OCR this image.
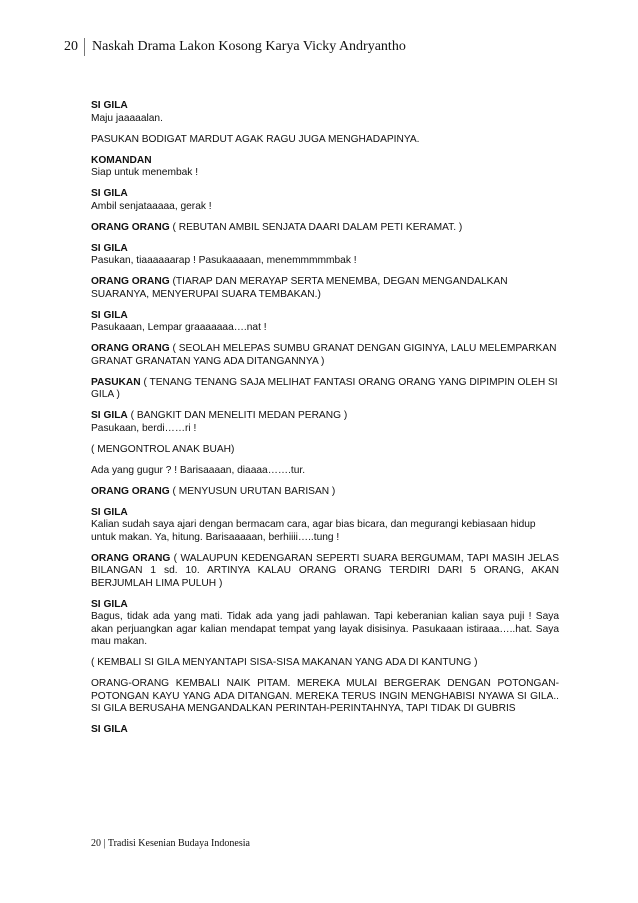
20	Naskah Drama Lakon Kosong Karya Vicky Andryantho
SI GILA
Maju jaaaaalan.
PASUKAN BODIGAT MARDUT AGAK RAGU JUGA MENGHADAPINYA.
KOMANDAN
Siap untuk menembak !
SI GILA
Ambil senjataaaaa, gerak !
ORANG ORANG ( REBUTAN AMBIL SENJATA DAARI DALAM PETI KERAMAT. )
SI GILA
Pasukan, tiaaaaaarap ! Pasukaaaaan, menemmmmmbak !
ORANG ORANG (TIARAP DAN MERAYAP SERTA MENEMBA, DEGAN MENGANDALKAN SUARANYA, MENYERUPAI SUARA TEMBAKAN.)
SI GILA
Pasukaaan, Lempar graaaaaaa….nat !
ORANG ORANG ( SEOLAH MELEPAS SUMBU GRANAT DENGAN GIGINYA, LALU MELEMPARKAN GRANAT GRANATAN YANG ADA DITANGANNYA )
PASUKAN ( TENANG TENANG SAJA MELIHAT FANTASI ORANG ORANG YANG DIPIMPIN OLEH SI GILA )
SI GILA ( BANGKIT DAN MENELITI MEDAN PERANG )
Pasukaan, berdi……ri !
( MENGONTROL ANAK BUAH)
Ada yang gugur ? ! Barisaaaan, diaaaa…….tur.
ORANG ORANG ( MENYUSUN URUTAN BARISAN )
SI GILA
Kalian sudah saya ajari dengan bermacam cara, agar bias bicara, dan megurangi kebiasaan hidup untuk makan. Ya, hitung. Barisaaaaan, berhiiii…..tung !
ORANG ORANG ( WALAUPUN KEDENGARAN SEPERTI SUARA BERGUMAM, TAPI MASIH JELAS BILANGAN 1 sd. 10. ARTINYA KALAU ORANG ORANG TERDIRI DARI 5 ORANG, AKAN BERJUMLAH LIMA PULUH )
SI GILA
Bagus, tidak ada yang mati. Tidak ada yang jadi pahlawan. Tapi keberanian kalian saya puji ! Saya akan perjuangkan agar kalian mendapat tempat yang layak disisinya. Pasukaaan istiraaa…..hat. Saya mau makan.
( KEMBALI SI GILA MENYANTAPI SISA-SISA MAKANAN YANG ADA DI KANTUNG )
ORANG-ORANG KEMBALI NAIK PITAM. MEREKA MULAI BERGERAK DENGAN POTONGAN-POTONGAN KAYU YANG ADA DITANGAN. MEREKA TERUS INGIN MENGHABISI NYAWA SI GILA.. SI GILA BERUSAHA MENGANDALKAN PERINTAH-PERINTAHNYA, TAPI TIDAK DI GUBRIS
SI GILA
20 | Tradisi Kesenian Budaya Indonesia
